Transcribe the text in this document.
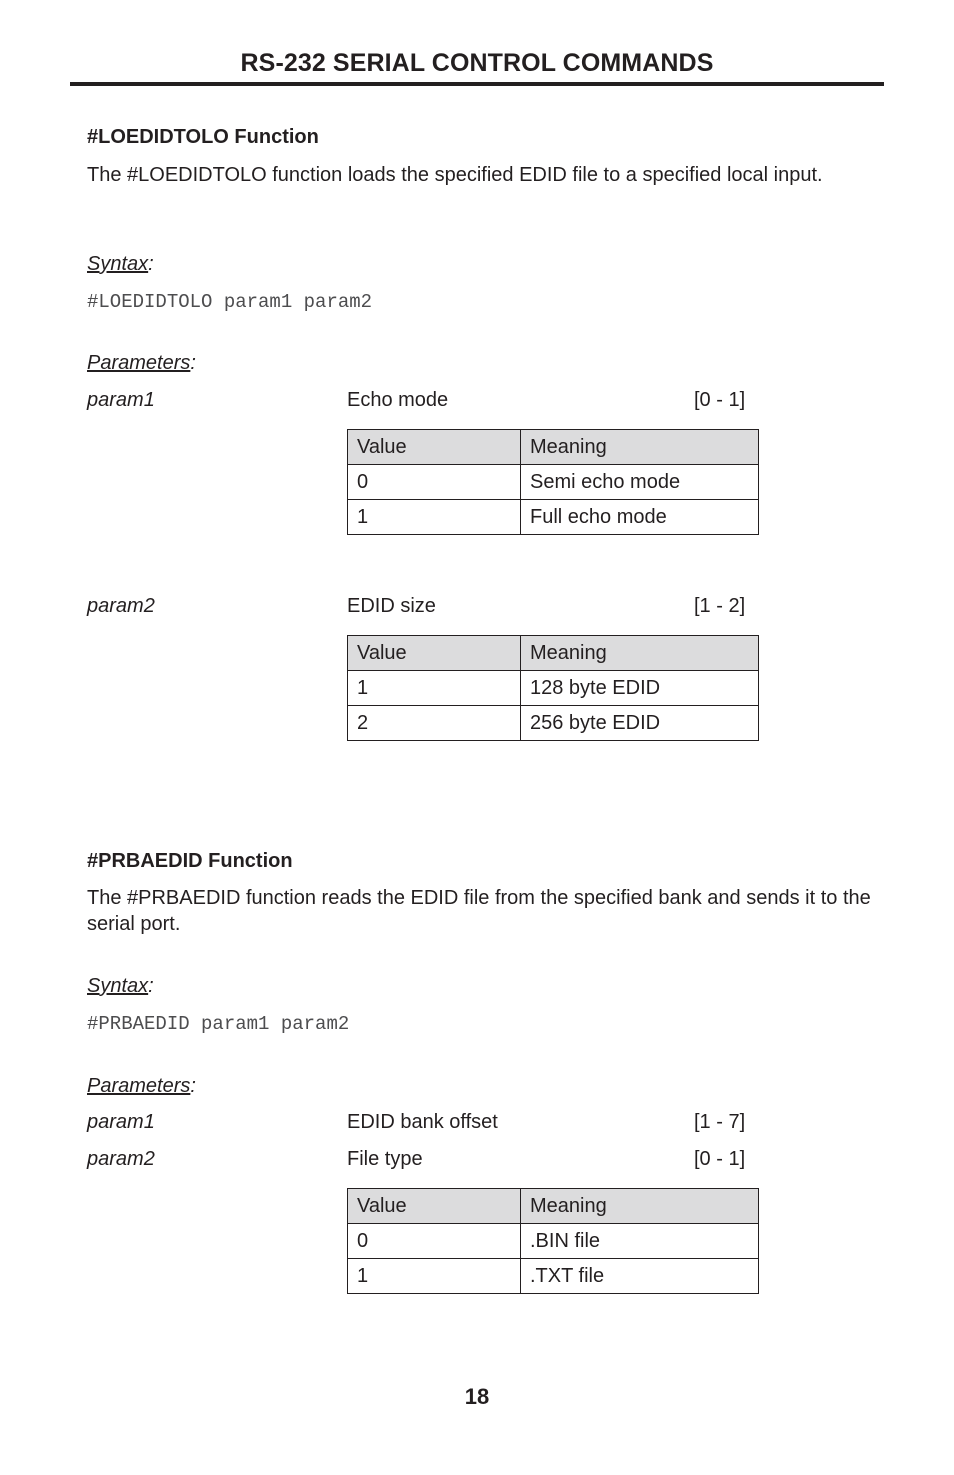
RS-232 SERIAL CONTROL COMMANDS
#LOEDIDTOLO Function
The #LOEDIDTOLO function loads the specified EDID file to a specified local input.
Syntax:
#LOEDIDTOLO param1 param2
Parameters:
param1	Echo mode	[0 - 1]
Value	Meaning
0	Semi echo mode
1	Full echo mode
param2	EDID size	[1 - 2]
Value	Meaning
1	128 byte EDID
2	256 byte EDID
#PRBAEDID Function
The #PRBAEDID function reads the EDID file from the specified bank and sends it to the serial port.
Syntax:
#PRBAEDID param1 param2
Parameters:
param1	EDID bank offset	[1 - 7]
param2	File type	[0 - 1]
Value	Meaning
0	.BIN file
1	.TXT file
18
